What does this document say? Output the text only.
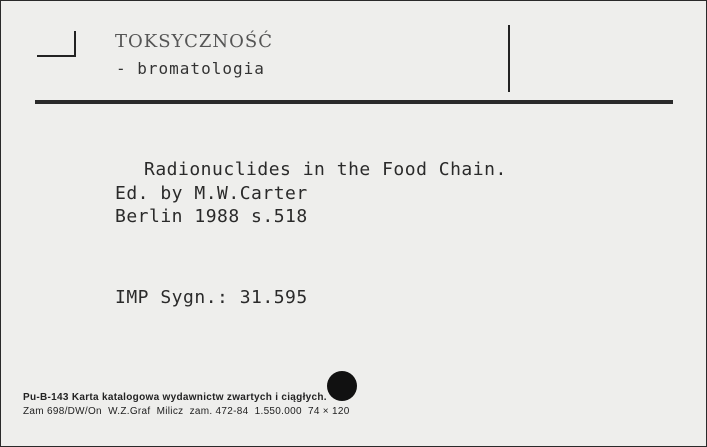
TOKSYCZNOŚĆ
- bromatologia
Radionuclides in the Food Chain.
Ed. by M.W.Carter
Berlin 1988 s.518
IMP Sygn.: 31.595
Pu-B-143 Karta katalogowa wydawnictw zwartych i ciągłych.
Zam 698/DW/On  W.Z.Graf  Milicz  zam. 472-84  1.550.000  74 × 120
